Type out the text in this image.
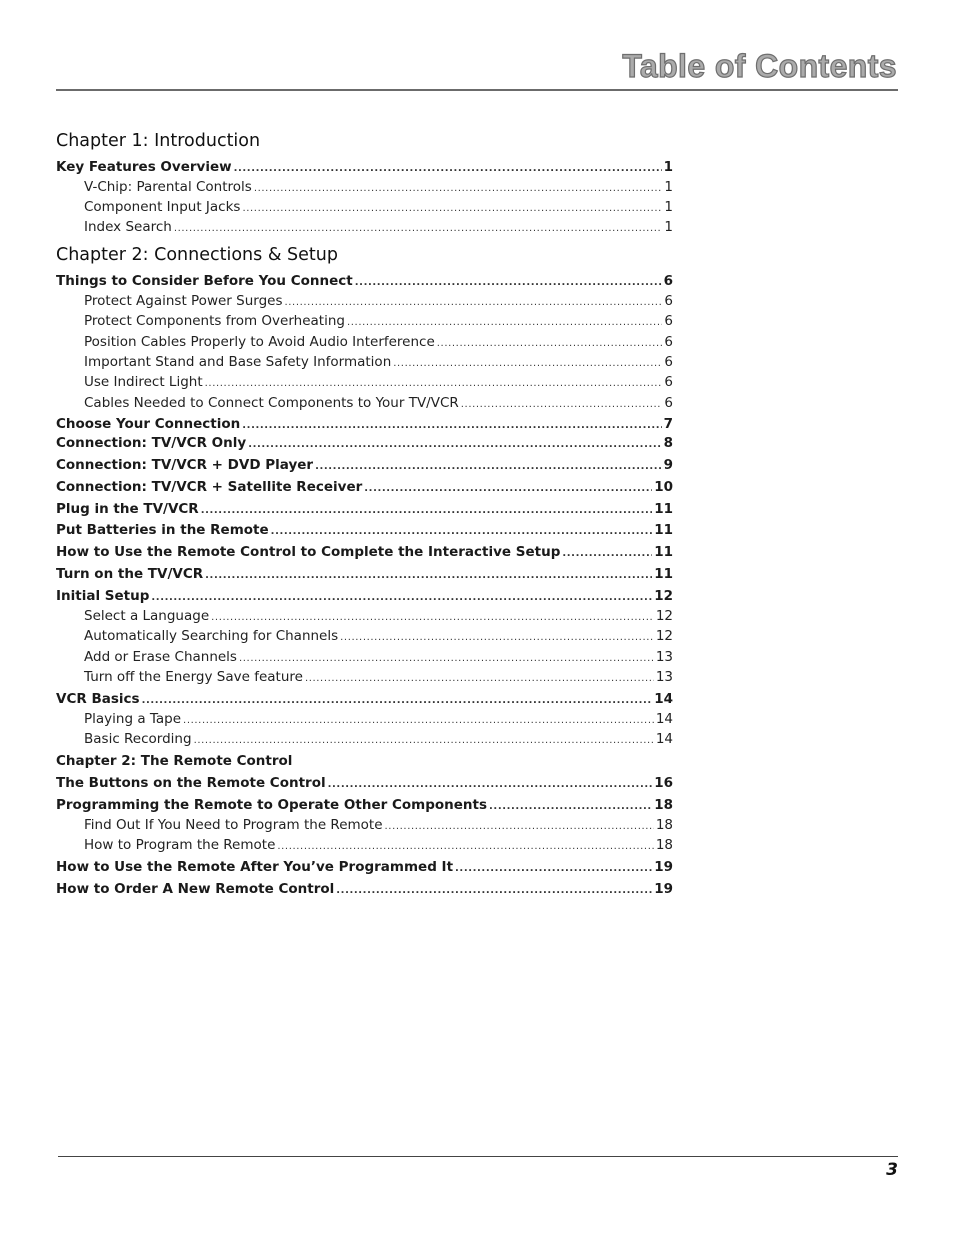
Table of Contents
Chapter 1: Introduction
Key Features Overview .....	1
V-Chip: Parental Controls .....	1
Component Input Jacks .....	1
Index Search .....	1
Chapter 2: Connections & Setup
Things to Consider Before You Connect .....	6
Protect Against Power Surges .....	6
Protect Components from Overheating .....	6
Position Cables Properly to Avoid Audio Interference .....	6
Important Stand and Base Safety Information .....	6
Use Indirect Light .....	6
Cables Needed to Connect Components to Your TV/VCR .....	6
Choose Your Connection .....	7
Connection: TV/VCR Only .....	8
Connection: TV/VCR + DVD Player .....	9
Connection: TV/VCR + Satellite Receiver .....	10
Plug in the TV/VCR .....	11
Put Batteries in the Remote .....	11
How to Use the Remote Control to Complete the Interactive Setup .....	11
Turn on the TV/VCR .....	11
Initial Setup .....	12
Select a Language .....	12
Automatically Searching for Channels .....	12
Add or Erase Channels .....	13
Turn off the Energy Save feature .....	13
VCR Basics .....	14
Playing a Tape .....	14
Basic Recording .....	14
Chapter 2: The Remote Control
The Buttons on the Remote Control .....	16
Programming the Remote to Operate Other Components .....	18
Find Out If You Need to Program the Remote .....	18
How to Program the Remote .....	18
How to Use the Remote After You’ve Programmed It .....	19
How to Order A New Remote Control .....	19
3
